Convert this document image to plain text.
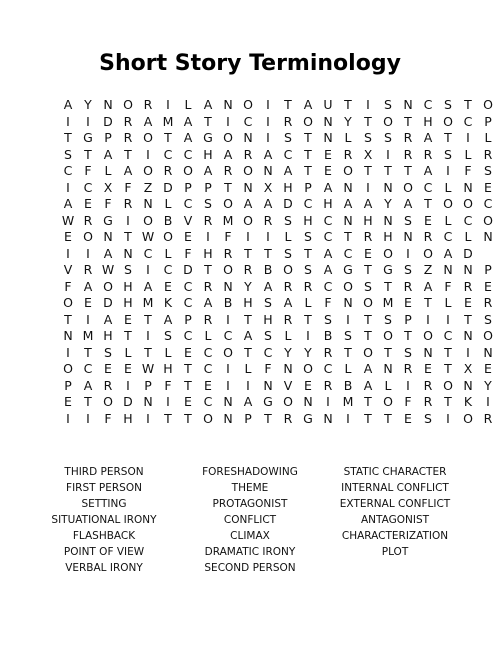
Short Story Terminology
A Y N O R	I	L A N O	I	T A U T	I	S N C S T O
I	I	D R A M A T	I	C	I	R O N Y T O T H O C P
T G P R O T A G O N	I	S T N L	S S R A T	I	L
S T A T	I	C C H A R A C T E R X	I	R R S	L R
C F	L A O R O A R O N A T E O T T T A	I	F S
I	C X F Z D P P T N X H P A N	I	N O C L N E
A E F R N L C S O A A D C H A A Y A T O O C
W R G	I	O B V R M O R S H C N H N S E	L C O
E O N T W O E	I	F	I	I	L	S C T R H N R C L N
I	I	A N C L	F H R T T S T A C E O	I	O A D
V R W S	I	C D T O R B O S A G T G S Z N N P
F A O H A E C R N Y A R R C O S T R A F R E
O E D H M K C A B H S A L	F N O M E T	L	E R
T	I	A E T A P R	I	T H R T S	I	T S P	I	I	T S
N M H T	I	S C L C A S	L	I	B S T O T O C N O
I	T S	L	T	L	E C O T C Y Y R T O T S N T	I	N
O C E E W H T C	I	L	F N O C L A N R E T X E
P A R	I	P	F	T E	I	I	N V E R B A L	I	R O N Y
E T O D N	I	E C N A G O N	I	M T O F R T K	I
I	I	F H	I	T T O N P T R G N	I	T T E S	I	O R
THIRD PERSON
FIRST PERSON
SETTING
SITUATIONAL IRONY
FLASHBACK
POINT OF VIEW
VERBAL IRONY
FORESHADOWING
THEME
PROTAGONIST
CONFLICT
CLIMAX
DRAMATIC IRONY
SECOND PERSON
STATIC CHARACTER
INTERNAL CONFLICT
EXTERNAL CONFLICT
ANTAGONIST
CHARACTERIZATION
PLOT
